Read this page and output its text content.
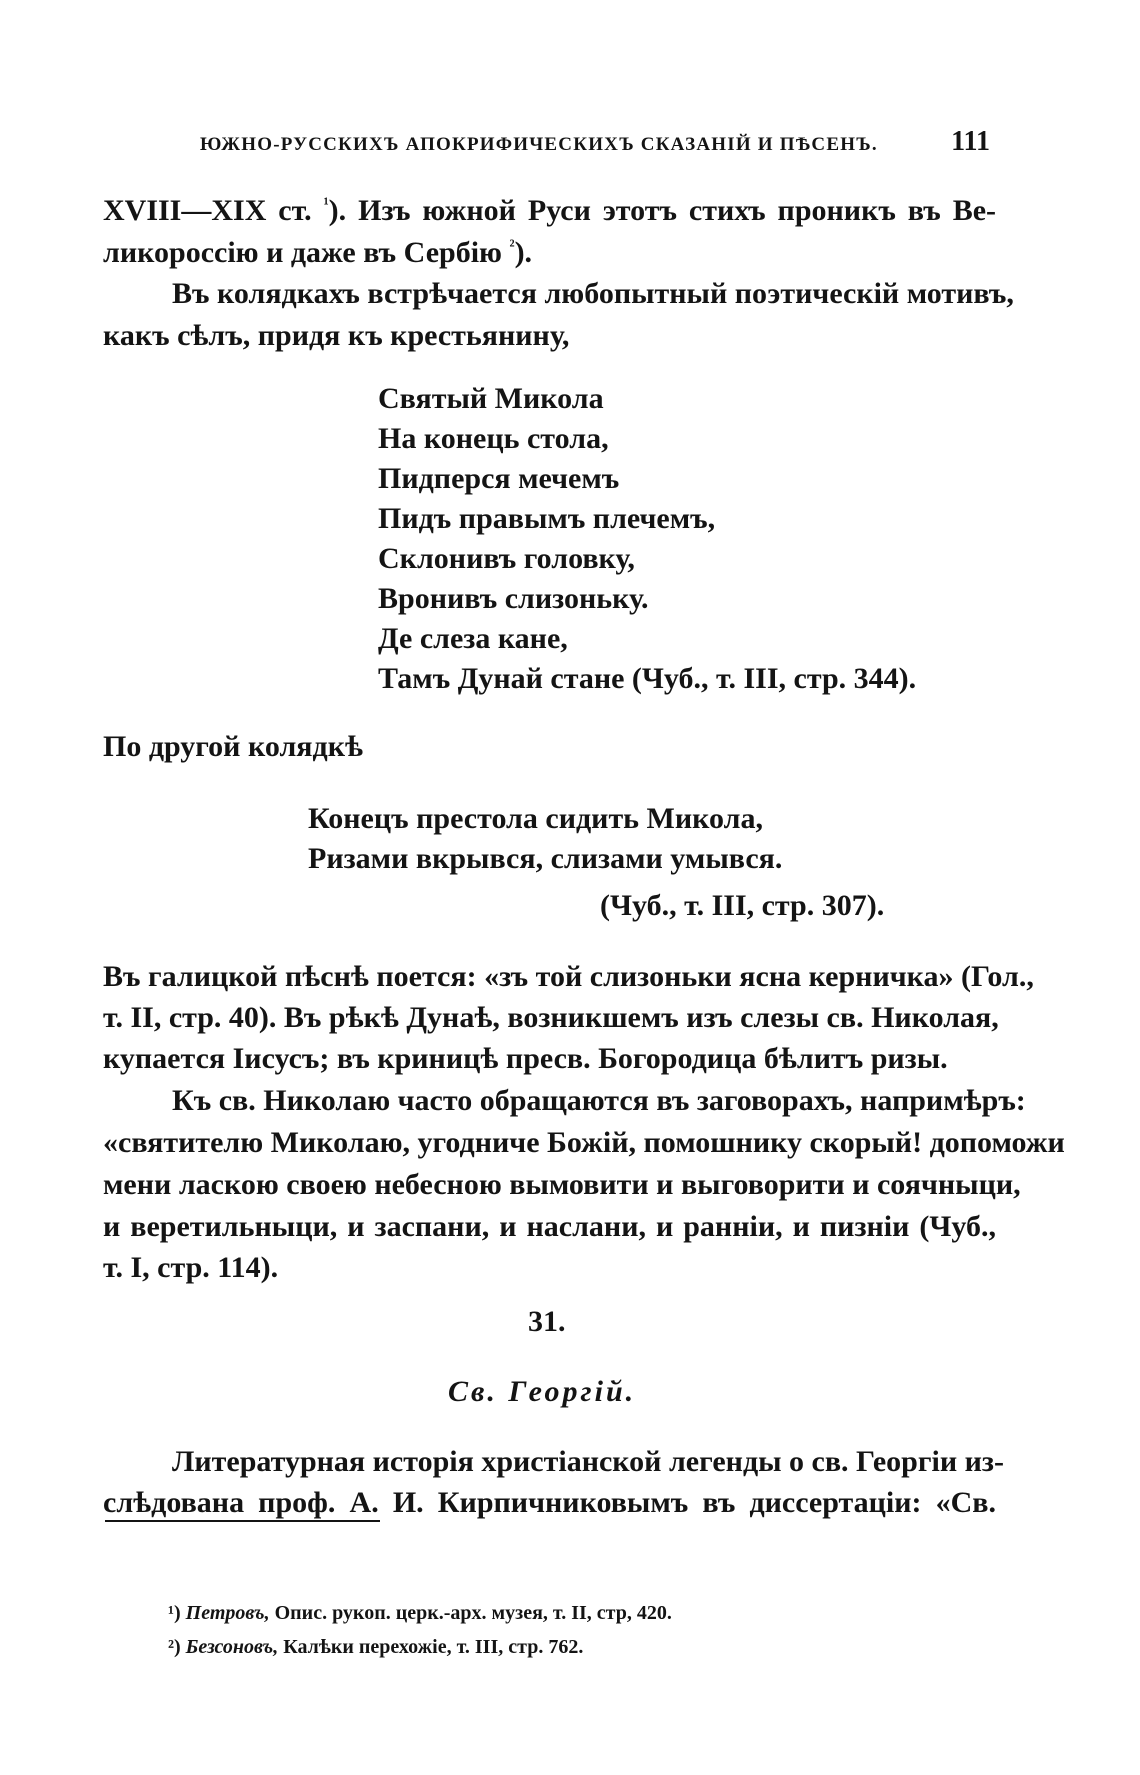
ЮЖНО-РУССКИХЪ АПОКРИФИЧЕСКИХЪ СКАЗАНІЙ И ПѢСЕНЪ.	111
XVIII—XIX ст. $^{^1}$). Изъ южной Руси этотъ стихъ проникъ въ Ве-
ликороссію и даже въ Сербію $^{^2}$).
Въ колядкахъ встрѣчается любопытный поэтическій мотивъ,
какъ сѣлъ, придя къ крестьянину,
Святый Микола
На конець стола,
Пидперся мечемъ
Пидъ правымъ плечемъ,
Склонивъ головку,
Вронивъ слизоньку.
Де слеза кане,
Тамъ Дунай стане (Чуб., т. III, стр. 344).
По другой колядкѣ
Конецъ престола сидить Микола,
Ризами вкрывся, слизами умывся.
(Чуб., т. III, стр. 307).
Въ галицкой пѣснѣ поется: «зъ той слизоньки ясна керничка» (Гол.,
т. II, стр. 40). Въ рѣкѣ Дунаѣ, возникшемъ изъ слезы св. Николая,
купается Іисусъ; въ криницѣ пресв. Богородица бѣлитъ ризы.
Къ св. Николаю часто обращаются въ заговорахъ, напримѣръ:
«святителю Миколаю, угодниче Божій, помошнику скорый! допоможи
мени ласкою своею небесною вымовити и выговорити и соячныци,
и веретильныци, и заспани, и наслани, и ранніи, и пизніи (Чуб.,
т. I, стр. 114).
31.
Св. Георгій.
Литературная исторія христіанской легенды о св. Георгіи из-
слѣдована проф. А. И. Кирпичниковымъ въ диссертаціи: «Св.
¹) Петровъ, Опис. рукоп. церк.-арх. музея, т. II, стр, 420.
²) Безсоновъ, Калѣки перехожіе, т. III, стр. 762.
